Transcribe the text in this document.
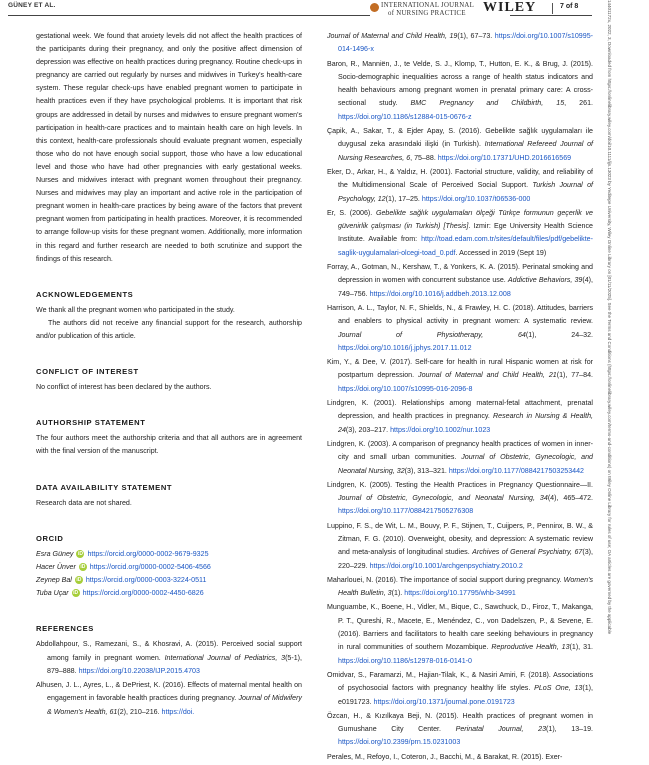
GÜNEY ET AL.	INTERNATIONAL JOURNAL
of NURSING PRACTICE WILEY	7 of 8

gestational week. We found that anxiety levels did not affect the health practices of the participants during their pregnancy, and only the positive affect dimension of depression was effective on health practices during pregnancy. Routine check-ups in pregnancy are carried out regularly by nurses and midwives in Turkey's health-care system. These regular check-ups have enabled pregnant women to participate in health practices even if they have psychological problems. It is important that risk groups are addressed in detail by nurses and midwives to ensure pregnant women's participation in health-care practices and to maintain health care on high levels. In this context, health-care professionals should evaluate pregnant women, especially those who do not have enough social support, those who have a low educational level and those who have had other pregnancies with early gestational weeks. Nurses and midwives interact with pregnant women throughout their pregnancy. Nurses and midwives may play an important and active role in the participation of pregnant women in health-care practices by being aware of the factors that prevent pregnant women from participating in health practices. Moreover, it is recommended to arrange follow-up visits for these pregnant women. Additionally, more information in this regard and further research are needed to both scrutinize and support the findings of this research.

ACKNOWLEDGEMENTS

We thank all the pregnant women who participated in the study.

The authors did not receive any financial support for the research, authorship and/or publication of this article.

CONFLICT OF INTEREST

No conflict of interest has been declared by the authors.

AUTHORSHIP STATEMENT

The four authors meet the authorship criteria and that all authors are in agreement with the final version of the manuscript.

DATA AVAILABILITY STATEMENT

Research data are not shared.

ORCID

Esra Güney iD https://orcid.org/0000-0002-9679-9325

Hacer Ünver iD https://orcid.org/0000-0002-5406-4566

Zeynep Bal iD https://orcid.org/0000-0003-3224-0511

Tuba Uçar iD https://orcid.org/0000-0002-4450-6826

REFERENCES

Abdollahpour, S., Ramezani, S., & Khosravi, A. (2015). Perceived social support among family in pregnant women. International Journal of Pediatrics, 3(5-1), 879–888. https://doi.org/10.22038/IJP.2015.4703

Alhusen, J. L., Ayres, L., & DePriest, K. (2016). Effects of maternal mental health on engagement in favorable health practices during pregnancy. Journal of Midwifery & Women's Health, 61(2), 210–216. https://doi.

Journal of Maternal and Child Health, 19(1), 67–73. https://doi.org/10.1007/s10995-014-1496-x

Baron, R., Manniën, J., te Velde, S. J., Klomp, T., Hutton, E. K., & Brug, J. (2015). Socio-demographic inequalities across a range of health status indicators and health behaviours among pregnant women in prenatal primary care: A cross-sectional study. BMC Pregnancy and Childbirth, 15, 261. https://doi.org/10.1186/s12884-015-0676-z

Çapik, A., Sakar, T., & Ejder Apay, S. (2016). Gebelikte sağlık uygulamaları ile duygusal zeka arasındaki ilişki (in Turkish). International Refereed Journal of Nursing Researches, 6, 75–88. https://doi.org/10.17371/UHD.2016616569

Eker, D., Arkar, H., & Yaldız, H. (2001). Factorial structure, validity, and reliability of the Multidimensional Scale of Perceived Social Support. Turkish Journal of Psychology, 12(1), 17–25. https://doi.org/10.1037/t06536-000

Er, S. (2006). Gebelikte sağlık uygulamaları ölçeği Türkçe formunun geçerlik ve güvenirlik çalışması (in Turkish) [Thesis]. Izmir: Ege University Health Science Institute. Available from: http://toad.edam.com.tr/sites/default/files/pdf/gebelikte-saglik-uygulamalari-olcegi-toad_0.pdf. Accessed in 2019 (Sept 19)

Forray, A., Gotman, N., Kershaw, T., & Yonkers, K. A. (2015). Perinatal smoking and depression in women with concurrent substance use. Addictive Behaviors, 39(4), 749–756. https://doi.org/10.1016/j.addbeh.2013.12.008

Harrison, A. L., Taylor, N. F., Shields, N., & Frawley, H. C. (2018). Attitudes, barriers and enablers to physical activity in pregnant women: A systematic review. Journal of Physiotherapy, 64(1), 24–32. https://doi.org/10.1016/j.jphys.2017.11.012

Kim, Y., & Dee, V. (2017). Self-care for health in rural Hispanic women at risk for postpartum depression. Journal of Maternal and Child Health, 21(1), 77–84. https://doi.org/10.1007/s10995-016-2096-8

Lindgren, K. (2001). Relationships among maternal-fetal attachment, prenatal depression, and health practices in pregnancy. Research in Nursing & Health, 24(3), 203–217. https://doi.org/10.1002/nur.1023

Lindgren, K. (2003). A comparison of pregnancy health practices of women in inner-city and small urban communities. Journal of Obstetric, Gynecologic, and Neonatal Nursing, 32(3), 313–321. https://doi.org/10.1177/0884217503253442

Lindgren, K. (2005). Testing the Health Practices in Pregnancy Questionnaire—II. Journal of Obstetric, Gynecologic, and Neonatal Nursing, 34(4), 465–472. https://doi.org/10.1177/0884217505276308

Luppino, F. S., de Wit, L. M., Bouvy, P. F., Stijnen, T., Cuijpers, P., Penninx, B. W., & Zitman, F. G. (2010). Overweight, obesity, and depression: A systematic review and meta-analysis of longitudinal studies. Archives of General Psychiatry, 67(3), 220–229. https://doi.org/10.1001/archgenpsychiatry.2010.2

Maharlouei, N. (2016). The importance of social support during pregnancy. Women's Health Bulletin, 3(1). https://doi.org/10.17795/whb-34991

Munguambe, K., Boene, H., Vidler, M., Bique, C., Sawchuck, D., Firoz, T., Makanga, P. T., Qureshi, R., Macete, E., Menéndez, C., von Dadelszen, P., & Sevene, E. (2016). Barriers and facilitators to health care seeking behaviours in pregnancy in rural communities of southern Mozambique. Reproductive Health, 13(1), 31. https://doi.org/10.1186/s12978-016-0141-0

Omidvar, S., Faramarzi, M., Hajian-Tilak, K., & Nasiri Amiri, F. (2018). Associations of psychosocial factors with pregnancy healthy life styles. PLoS One, 13(1), e0191723. https://doi.org/10.1371/journal.pone.0191723

Özcan, H., & Kızılkaya Beji, N. (2015). Health practices of pregnant women in Gumushane City Center. Perinatal Journal, 23(1), 13–19. https://doi.org/10.2399/prn.15.0231003

Perales, M., Refoyo, I., Coteron, J., Bacchi, M., & Barakat, R. (2015). Exer-

14401172x, 2022, 3, Downloaded from https://onlinelibrary.wiley.com/doi/10.1111/ijn.13023 by Yeditepe University, Wiley Online Library on [01/11/2025]. See the Terms and Conditions (https://onlinelibrary.wiley.com/terms-and-conditions) on Wiley Online Library for rules of use; OA articles are governed by the applicable
